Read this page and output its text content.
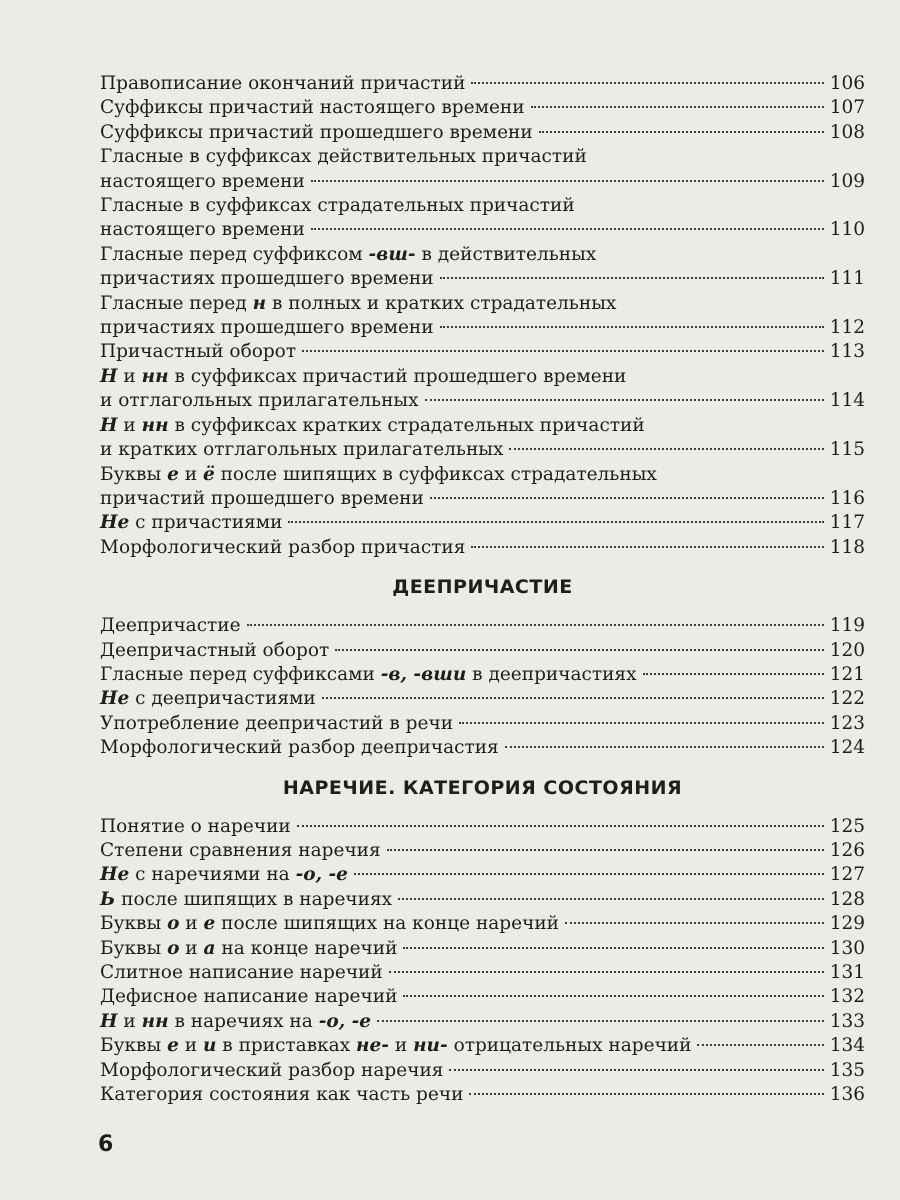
Правописание окончаний причастий	106
Суффиксы причастий настоящего времени	107
Суффиксы причастий прошедшего времени	108
Гласные в суффиксах действительных причастий
настоящего времени	109
Гласные в суффиксах страдательных причастий
настоящего времени	110
Гласные перед суффиксом -вш- в действительных
причастиях прошедшего времени	111
Гласные перед н в полных и кратких страдательных
причастиях прошедшего времени	112
Причастный оборот	113
Н и нн в суффиксах причастий прошедшего времени
и отглагольных прилагательных	114
Н и нн в суффиксах кратких страдательных причастий
и кратких отглагольных прилагательных	115
Буквы е и ё после шипящих в суффиксах страдательных
причастий прошедшего времени	116
Не с причастиями	117
Морфологический разбор причастия	118
ДЕЕПРИЧАСТИЕ
Деепричастие	119
Деепричастный оборот	120
Гласные перед суффиксами -в, -вши в деепричастиях	121
Не с деепричастиями	122
Употребление деепричастий в речи	123
Морфологический разбор деепричастия	124
НАРЕЧИЕ. КАТЕГОРИЯ СОСТОЯНИЯ
Понятие о наречии	125
Степени сравнения наречия	126
Не с наречиями на -о, -е	127
Ь после шипящих в наречиях	128
Буквы о и е после шипящих на конце наречий	129
Буквы о и а на конце наречий	130
Слитное написание наречий	131
Дефисное написание наречий	132
Н и нн в наречиях на -о, -е	133
Буквы е и и в приставках не- и ни- отрицательных наречий	134
Морфологический разбор наречия	135
Категория состояния как часть речи	136
6
